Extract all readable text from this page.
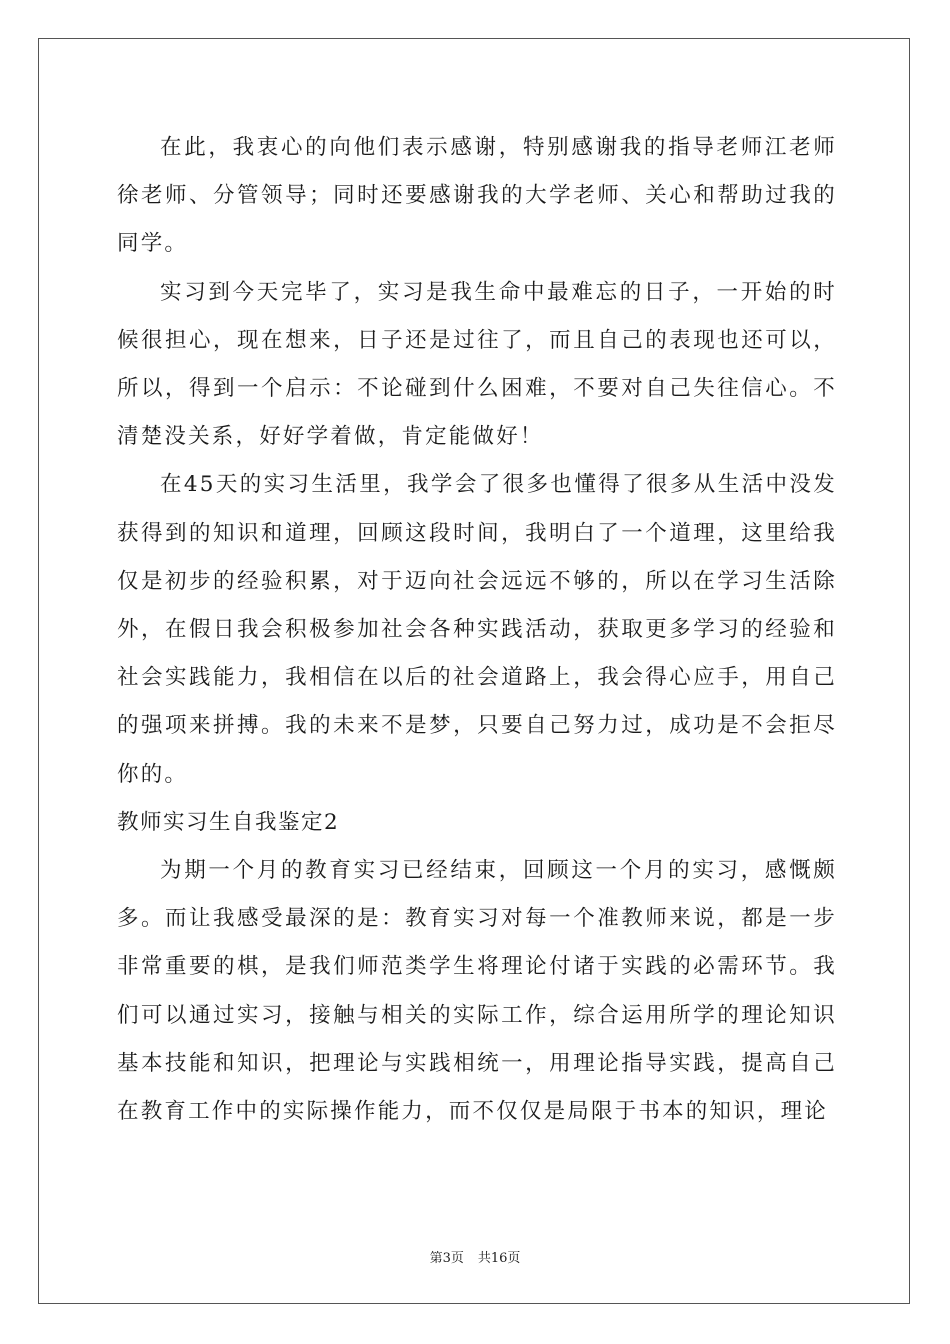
在此，我衷心的向他们表示感谢，特别感谢我的指导老师江老师徐老师、分管领导；同时还要感谢我的大学老师、关心和帮助过我的同学。

实习到今天完毕了，实习是我生命中最难忘的日子，一开始的时候很担心，现在想来，日子还是过往了，而且自己的表现也还可以，所以，得到一个启示：不论碰到什么困难，不要对自己失往信心。不清楚没关系，好好学着做，肯定能做好！

在45天的实习生活里，我学会了很多也懂得了很多从生活中没发获得到的知识和道理，回顾这段时间，我明白了一个道理，这里给我仅是初步的经验积累，对于迈向社会远远不够的，所以在学习生活除外，在假日我会积极参加社会各种实践活动，获取更多学习的经验和社会实践能力，我相信在以后的社会道路上，我会得心应手，用自己的强项来拼搏。我的未来不是梦，只要自己努力过，成功是不会拒尽你的。

教师实习生自我鉴定2

为期一个月的教育实习已经结束，回顾这一个月的实习，感慨颇多。而让我感受最深的是：教育实习对每一个准教师来说，都是一步非常重要的棋，是我们师范类学生将理论付诸于实践的必需环节。我们可以通过实习，接触与相关的实际工作，综合运用所学的理论知识基本技能和知识，把理论与实践相统一，用理论指导实践，提高自己在教育工作中的实际操作能力，而不仅仅是局限于书本的知识，理论

第3页 共16页
